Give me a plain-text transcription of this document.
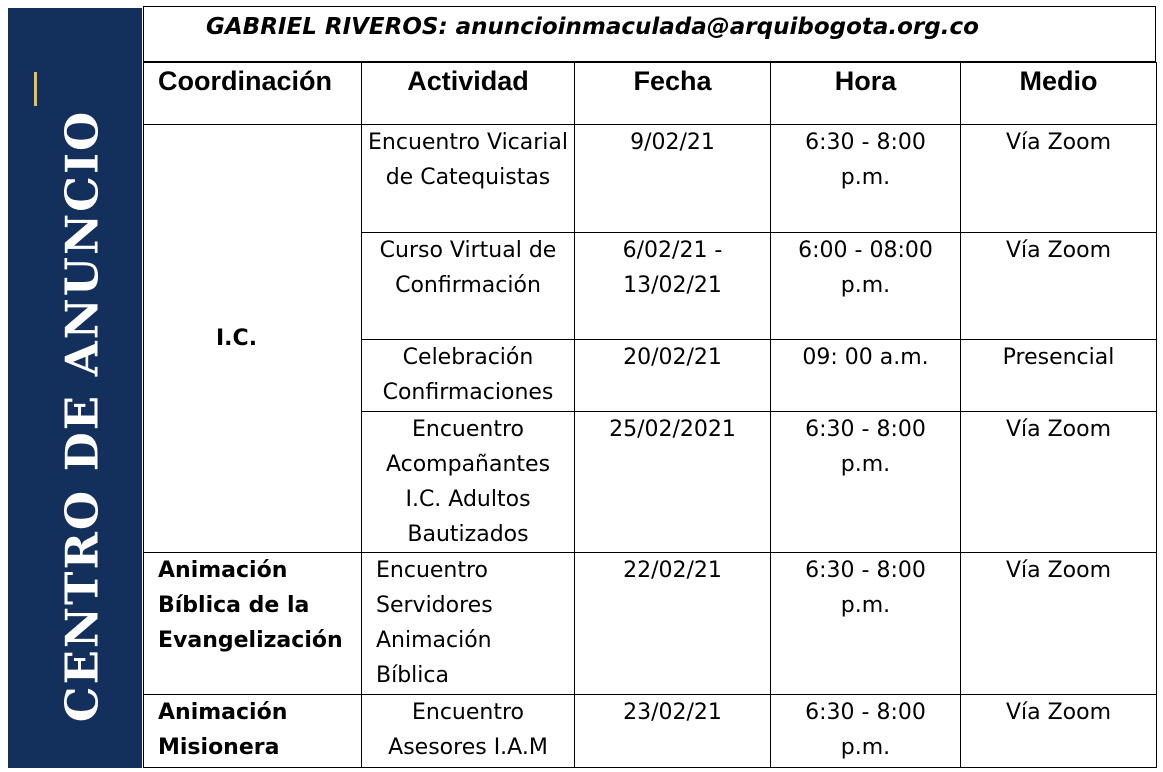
CENTRO DE ANUNCIO
GABRIEL RIVEROS: anuncioinmaculada@arquibogota.org.co
Coordinación	Actividad	Fecha	Hora	Medio
I.C.	Encuentro Vicarial de Catequistas	9/02/21	6:30 - 8:00 p.m.	Vía Zoom
	Curso Virtual de Confirmación	6/02/21 - 13/02/21	6:00 - 08:00 p.m.	Vía Zoom
	Celebración Confirmaciones	20/02/21	09: 00 a.m.	Presencial
	Encuentro Acompañantes I.C. Adultos Bautizados	25/02/2021	6:30 - 8:00 p.m.	Vía Zoom
Animación Bíblica de la Evangelización	Encuentro Servidores Animación Bíblica	22/02/21	6:30 - 8:00 p.m.	Vía Zoom
Animación Misionera	Encuentro Asesores I.A.M	23/02/21	6:30 - 8:00 p.m.	Vía Zoom
